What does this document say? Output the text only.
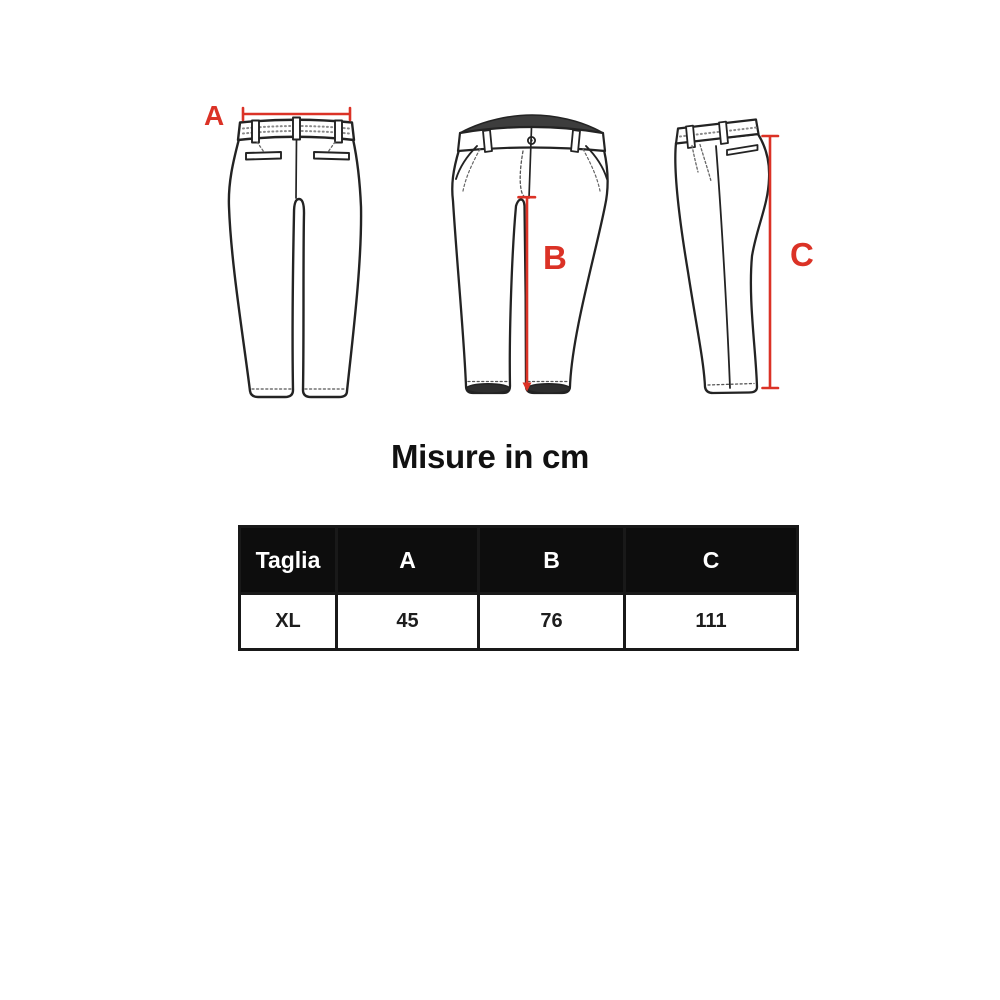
A
B	C
Misure in cm
Taglia	A	B	C
XL	45	76	111
